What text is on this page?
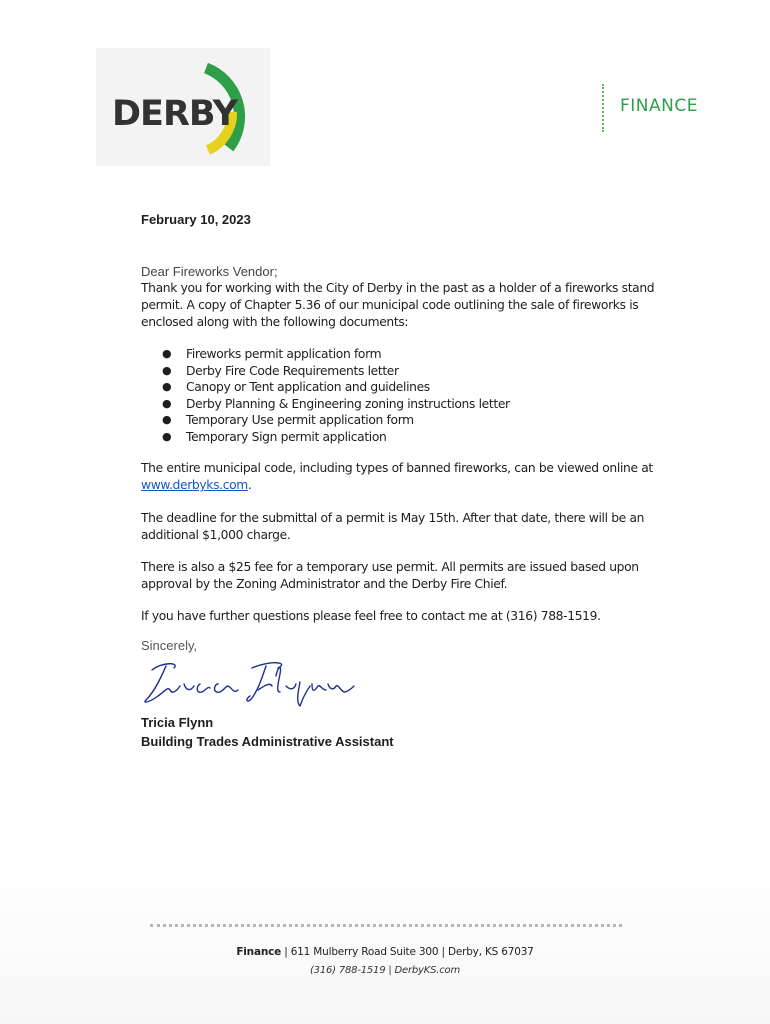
DERBY	FINANCE
February 10, 2023
Dear Fireworks Vendor;
Thank you for working with the City of Derby in the past as a holder of a fireworks stand permit. A copy of Chapter 5.36 of our municipal code outlining the sale of fireworks is enclosed along with the following documents:
● Fireworks permit application form
● Derby Fire Code Requirements letter
● Canopy or Tent application and guidelines
● Derby Planning & Engineering zoning instructions letter
● Temporary Use permit application form
● Temporary Sign permit application
The entire municipal code, including types of banned fireworks, can be viewed online at
www.derbyks.com.
The deadline for the submittal of a permit is May 15th. After that date, there will be an additional $1,000 charge.
There is also a $25 fee for a temporary use permit. All permits are issued based upon approval by the Zoning Administrator and the Derby Fire Chief.
If you have further questions please feel free to contact me at (316) 788-1519.
Sincerely,
Tricia Flynn
Building Trades Administrative Assistant
Finance | 611 Mulberry Road Suite 300 | Derby, KS 67037
(316) 788-1519 | DerbyKS.com
